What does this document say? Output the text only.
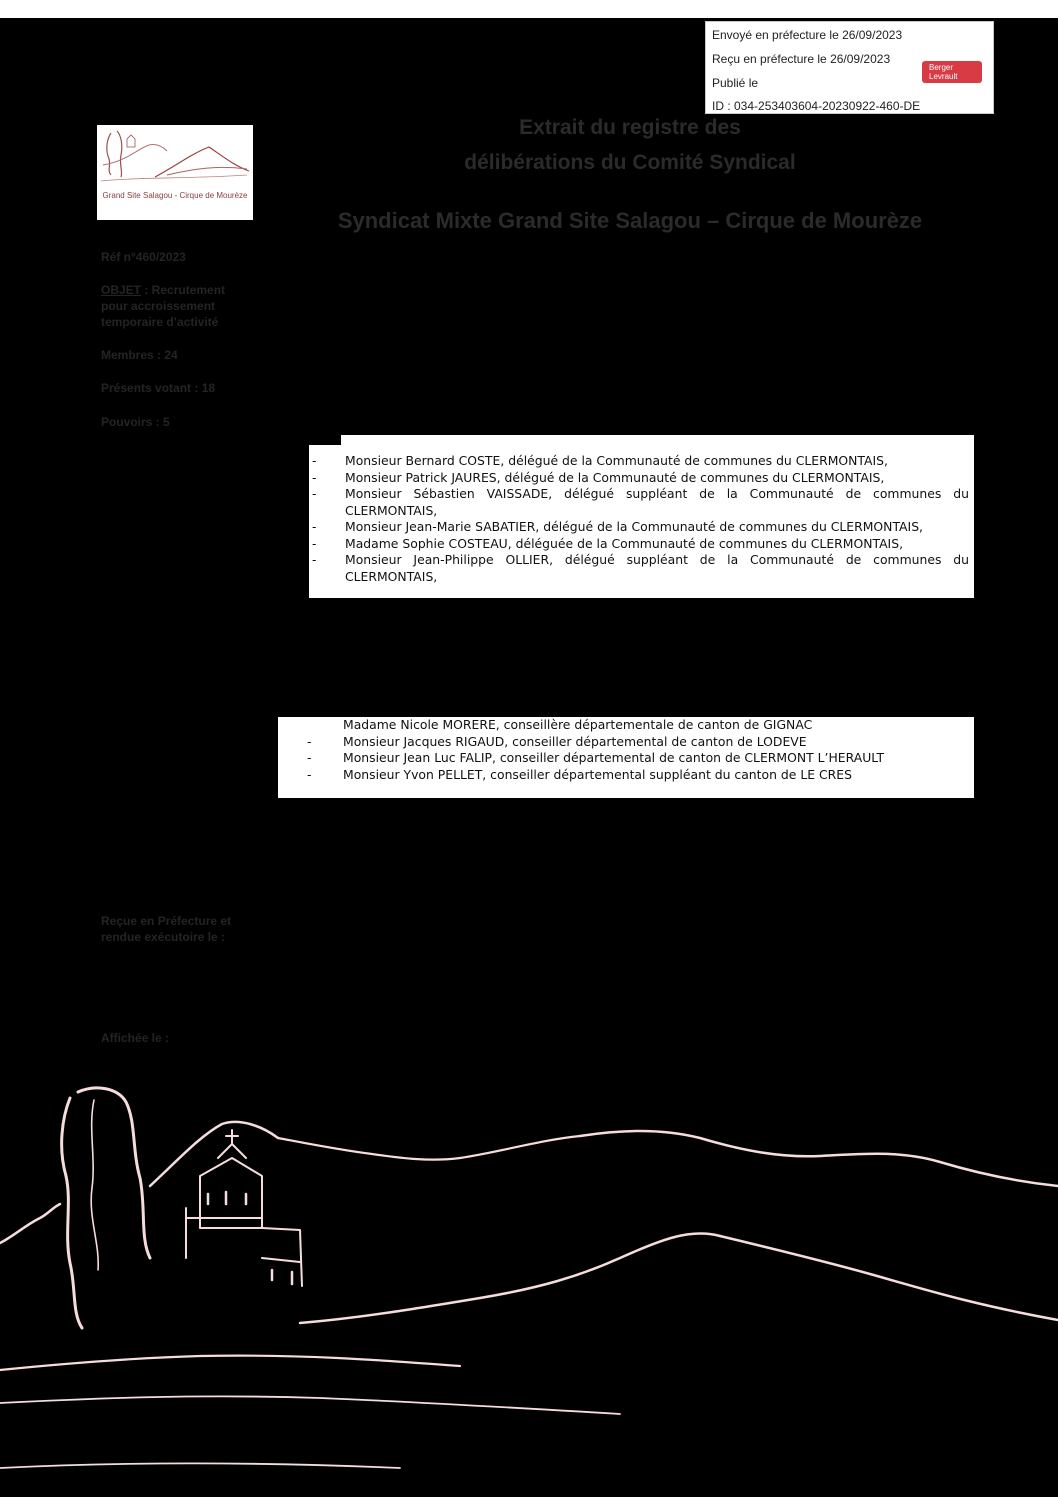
Grand Site Salagou - Cirque de Mourèze
Extrait du registre des
délibérations du Comité Syndical
Syndicat Mixte Grand Site Salagou – Cirque de Mourèze
Réf n°460/2023
OBJET : Recrutement pour accroissement temporaire d’activité
Membres : 24
Présents votant : 18
Pouvoirs : 5
Reçue en Préfecture et rendue exécutoire le :
Affichée le :
- Monsieur Bernard COSTE, délégué de la Communauté de communes du CLERMONTAIS,
- Monsieur Patrick JAURES, délégué de la Communauté de communes du CLERMONTAIS,
- Monsieur Sébastien VAISSADE, délégué suppléant de la Communauté de communes du
CLERMONTAIS,
- Monsieur Jean-Marie SABATIER, délégué de la Communauté de communes du CLERMONTAIS,
- Madame Sophie COSTEAU, déléguée de la Communauté de communes du CLERMONTAIS,
- Monsieur Jean-Philippe OLLIER, délégué suppléant de la Communauté de communes du
CLERMONTAIS,
Madame Nicole MORERE, conseillère départementale de canton de GIGNAC
-	Monsieur Jacques RIGAUD, conseiller départemental de canton de LODEVE
-	Monsieur Jean Luc FALIP, conseiller départemental de canton de CLERMONT L’HERAULT
-	Monsieur Yvon PELLET, conseiller départemental suppléant du canton de LE CRES
Envoyé en préfecture le 26/09/2023
Reçu en préfecture le 26/09/2023
Publié le
ID : 034-253403604-20230922-460-DE
Berger
Levrault
